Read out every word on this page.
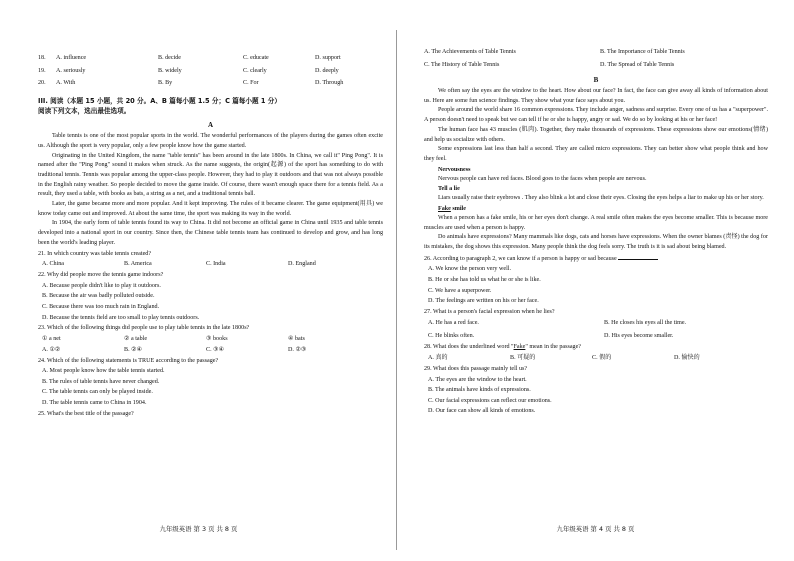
18. A. influence	B. decide	C. educate	D. support
19. A. seriously	B. widely	C. clearly	D. deeply
20. A. With	B. By	C. For	D. Through
III. 阅读（本题 15 小题，共 20 分。A、B 篇每小题 1.5 分；C 篇每小题 1 分）
阅读下列文本，选出最佳选项。
A

Table tennis is one of the most popular sports in the world. The wonderful performances of the players during the games often excite us. Although the sport is very popular, only a few people know how the game started.

Originating in the United Kingdom, the name "table tennis" has been around in the late 1800s. In China, we call it" Ping Pong". It is named after the "Ping Pong" sound it makes when struck. As the name suggests, the origin(起源) of the sport has something to do with traditional tennis. Tennis was popular among the upper-class people. However, they had to play it outdoors and that was not always possible in the English rainy weather. So people decided to move the game inside. Of course, there wasn't enough space there for a tennis field. As a result, they used a table, with books as bats, a string as a net, and a traditional tennis ball.

Later, the game became more and more popular. And it kept improving. The rules of it became clearer. The game equipment(用具) we know today came out and improved. At about the same time, the sport was making its way in the world.

In 1904, the early form of table tennis found its way to China. It did not become an official game in China until 1935 and table tennis developed into a national sport in our country. Since then, the Chinese table tennis team has continued to develop and grow, and has long been the world's leading player.

21. In which country was table tennis created?
A. China	B. America	C. India	D. England
22. Why did people move the tennis game indoors?
A. Because people didn't like to play it outdoors.
B. Because the air was badly polluted outside.
C. Because there was too much rain in England.
D. Because the tennis field are too small to play tennis outdoors.
23. Which of the following things did people use to play table tennis in the late 1800s?
① a net	② a table	③ books	④ bats
A. ①②	B. ②④	C. ③④	D. ②③
24. Which of the following statements is TRUE according to the passage?
A. Most people know how the table tennis started.
B. The rules of table tennis have never changed.
C. The table tennis can only be played inside.
D. The table tennis came to China in 1904.
25. What's the best title of the passage?
九年级英语 第 3 页 共 8 页
A. The Achievements of Table Tennis	B. The Importance of Table Tennis
C. The History of Table Tennis	D. The Spread of Table Tennis
B

We often say the eyes are the window to the heart. How about our face? In fact, the face can give away all kinds of information about us. Here are some fun science findings. They show what your face says about you.

People around the world share 16 common expressions. They include anger, sadness and surprise. Every one of us has a "superpower". A person doesn't need to speak but we can tell if he or she is happy, angry or sad. We do so by looking at his or her face!

The human face has 43 muscles (肌肉). Together, they make thousands of expressions. These expressions show our emotions(情绪) and help us socialize with others.

Some expressions last less than half a second. They are called micro expressions. They can better show what people think and how they feel.

Nervousness

Nervous people can have red faces. Blood goes to the faces when people are nervous.

Tell a lie

Liars usually raise their eyebrows . They also blink a lot and close their eyes. Closing the eyes helps a liar to make up his or her story.

Fake smile

When a person has a fake smile, his or her eyes don't change. A real smile often makes the eyes become smaller. This is because more muscles are used when a person is happy.

Do animals have expressions? Many mammals like dogs, cats and horses have expressions. When the owner blames (责怪) the dog for its mistakes, the dog shows this expression. Many people think the dog feels sorry. The truth is it is sad about being blamed.

26. According to paragraph 2, we can know if a person is happy or sad because
A. We know the person very well.
B. He or she has told us what he or she is like.
C. We have a superpower.
D. The feelings are written on his or her face.
27. What is a person's facial expression when he lies?
A. He has a red face.	B. He closes his eyes all the time.
C. He blinks often.	D. His eyes become smaller.
28. What does the underlined word "Fake" mean in the passage?
A. 真的	B. 可疑的	C. 假的	D. 愉快的
29. What does this passage mainly tell us?
A. The eyes are the window to the heart.
B. The animals have kinds of expressions.
C. Our facial expressions can reflect our emotions.
D. Our face can show all kinds of emotions.
九年级英语 第 4 页 共 8 页
